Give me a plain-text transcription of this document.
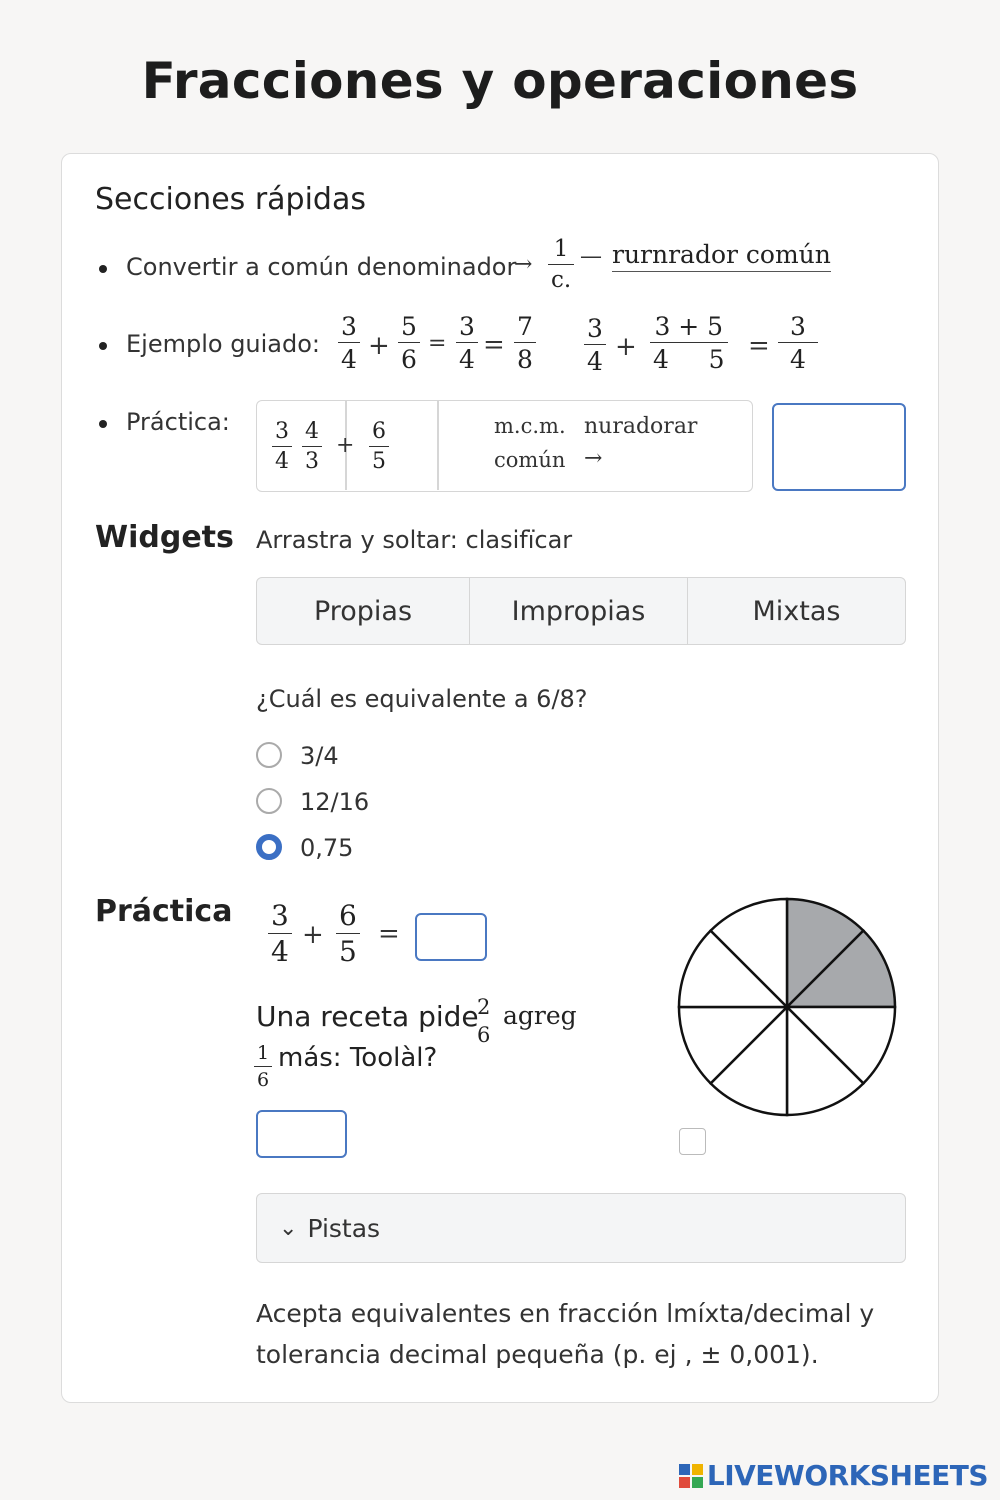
Fracciones y operaciones
Secciones rápidas
Convertir a común denominador
→
1
c.
— rurnrador común
Ejemplo guiado:
3
4 +
5
6
=
3
4 =
7
8
3
4 +
3 + 5
4     5 =
3
4
Práctica: 3
4
4
3
+
6
5
m.c.m. nuradorar
común →
Widgets Arrastra y soltar: clasifïcar
Propias	Impropias	Mixtas
¿Cuál es equivalente a 6/8?
3/4
12/16
0,75
Práctica 3
4 +
6
5
=
Una receta pide
2
6
agreg
1
6
más: Toolàl?
⌄ Pistas
Acepta equivalentes en fracción lmíxta/decimal y
tolerancia decimal pequeña (p. ej , ± 0,001).
LIVEWORKSHEETS
